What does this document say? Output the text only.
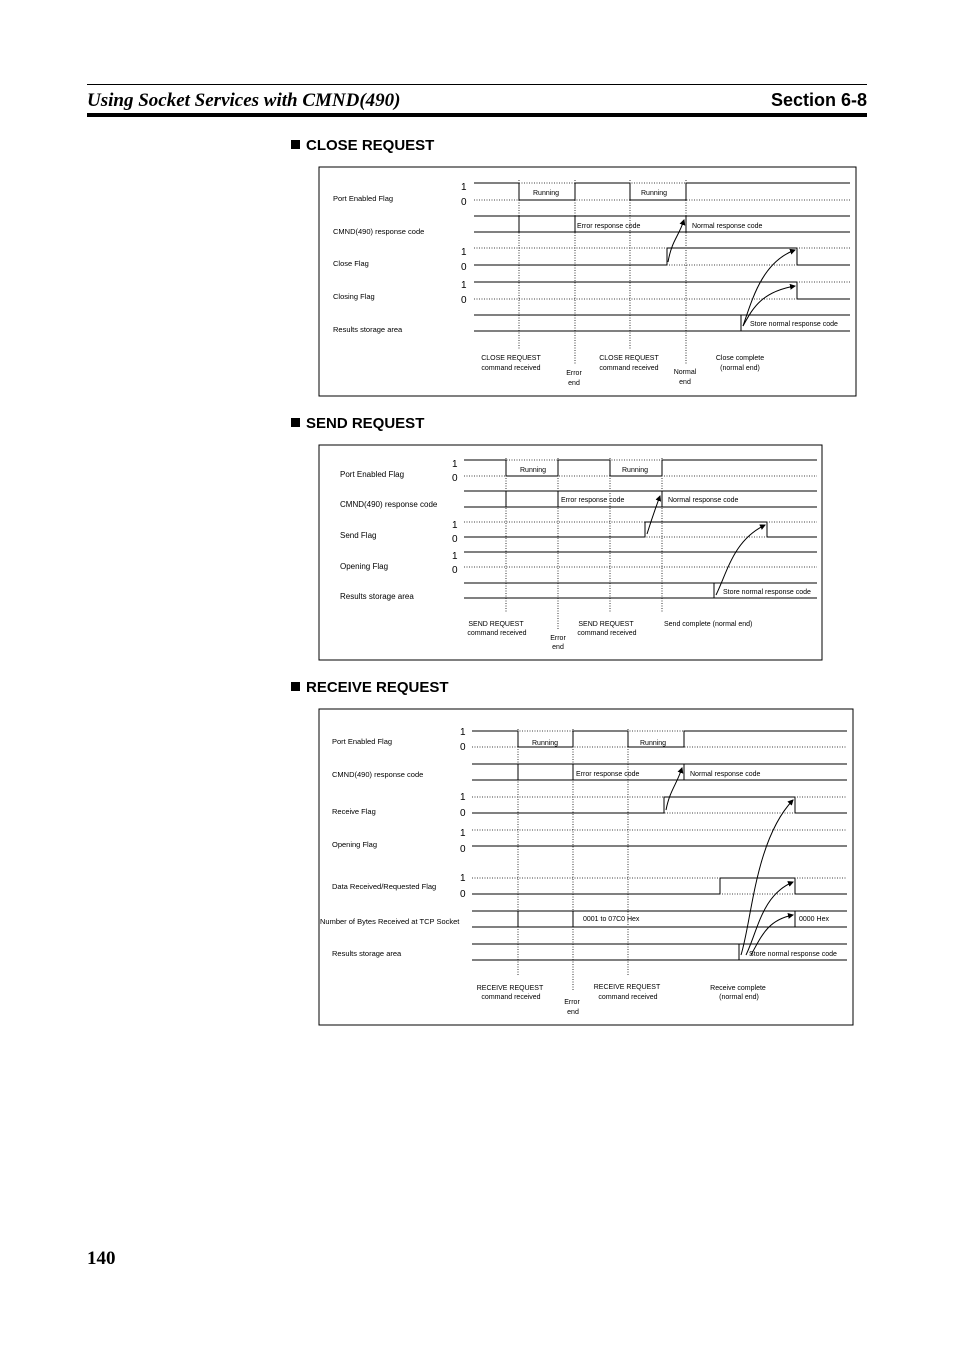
Using Socket Services with CMND(490)	Section 6-8
CLOSE REQUEST
SEND REQUEST
RECEIVE REQUEST
Port Enabled Flag
CMND(490) response code
Close Flag
Closing Flag
Results storage area
1
0
1
0
1
0
Running	Running
Error response code	Normal response code
Store normal response code
CLOSE REQUEST
command received
Error
end
CLOSE REQUEST
command received
Normal
end
Close complete
(normal end)
Port Enabled Flag
CMND(490) response code
Send Flag
Opening Flag
Results storage area
1
0
1
0
1
0
Running	Running
Error response code	Normal response code
Store normal response code
Send complete (normal end)
SEND REQUEST
command received
Error
end
SEND REQUEST
command received
Port Enabled Flag
CMND(490) response code
Receive Flag
Opening Flag
Data Received/Requested Flag
Number of Bytes Received at TCP Socket
Results storage area
1
0
1
0
1
0
1
0
Running	Running
Error response code	Normal response code
0001 to 07C0 Hex	0000 Hex
Store normal response code
RECEIVE REQUEST
command received
Error
end
RECEIVE REQUEST
command received
Receive complete
(normal end)
140
